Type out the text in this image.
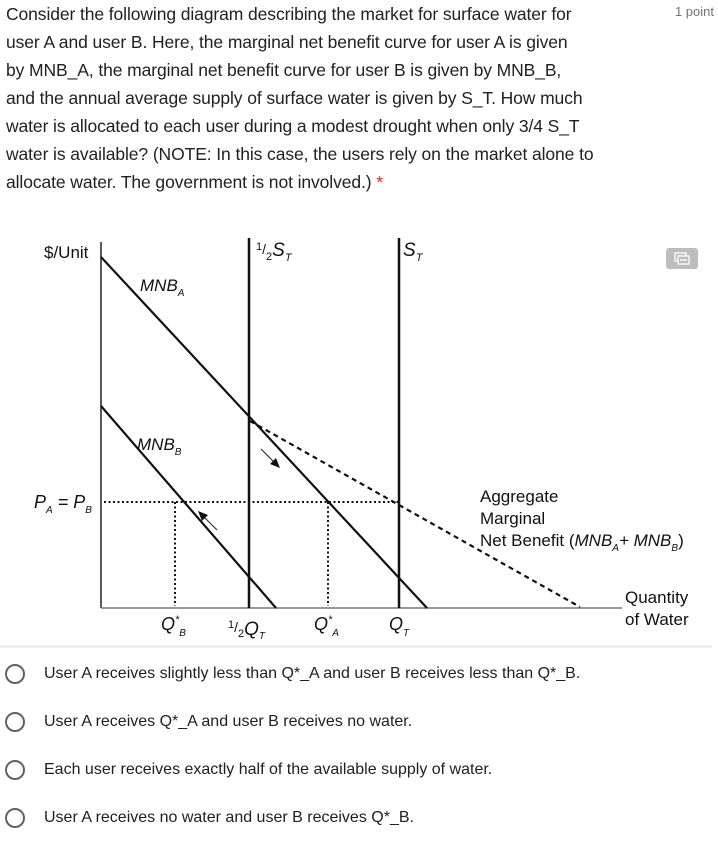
Consider the following diagram describing the market for surface water for
user A and user B. Here, the marginal net benefit curve for user A is given
by MNB_A, the marginal net benefit curve for user B is given by MNB_B,
and the annual average supply of surface water is given by S_T. How much
water is allocated to each user during a modest drought when only 3/4 S_T
water is available? (NOTE: In this case, the users rely on the market alone to
allocate water. The government is not involved.) *
1 point
$/Unit	$^1_{/2}S_T$	$S_T$
$MNB_A$
$MNB_B$
$P_A = P_B$
Aggregate
Marginal
Net Benefit $(MNB_A+ MNB_B)$
Quantity
of Water
$Q^*_B$
$^1_{/2}Q_T$
$Q^*_A$	$Q_T$
User A receives slightly less than Q*_A and user B receives less than Q*_B.
User A receives Q*_A and user B receives no water.
Each user receives exactly half of the available supply of water.
User A receives no water and user B receives Q*_B.
